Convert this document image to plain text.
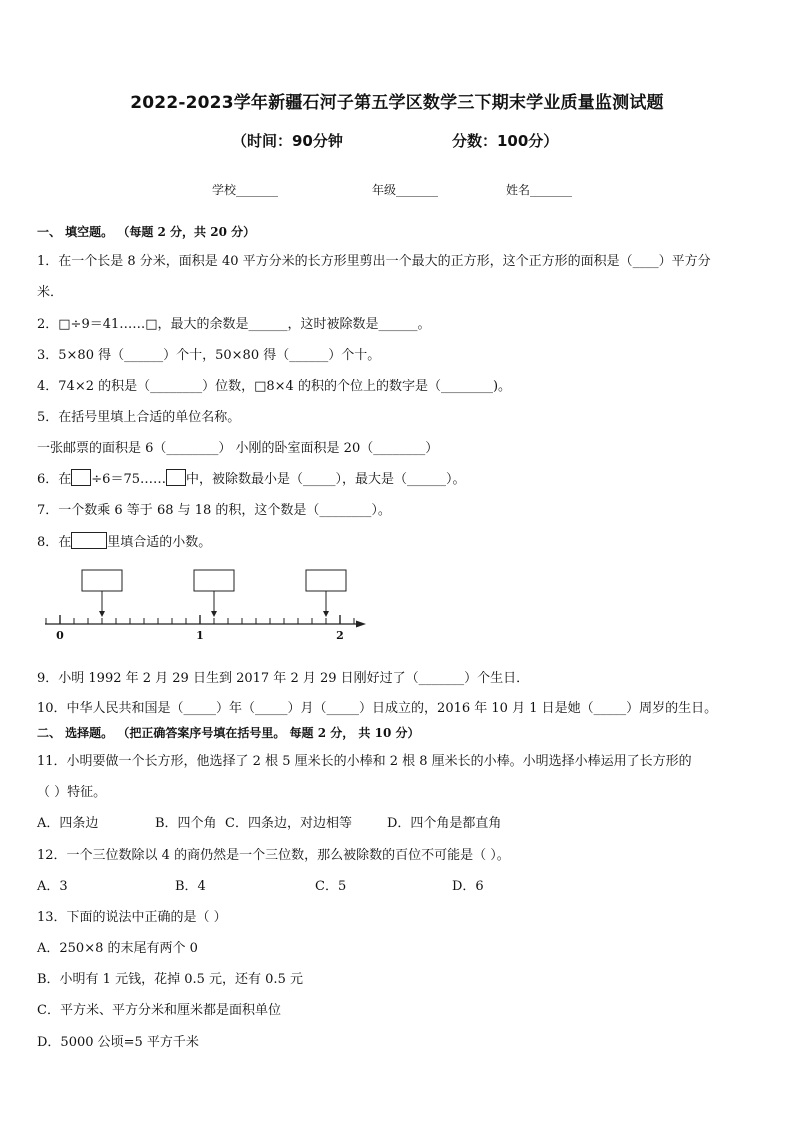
2022-2023学年新疆石河子第五学区数学三下期末学业质量监测试题
（时间：90分钟	分数：100分）
学校_______	年级_______	姓名_______
一、 填空题。 （每题 2 分，共 20 分）
1．在一个长是 8 分米，面积是 40 平方分米的长方形里剪出一个最大的正方形，这个正方形的面积是（____）平方分
米．
2．□÷9＝41……□，最大的余数是______，这时被除数是______。
3．5×80 得（______）个十，50×80 得（______）个十。
4．74×2 的积是（________）位数，□8×4 的积的个位上的数字是（________)。
5．在括号里填上合适的单位名称。
一张邮票的面积是 6（________） 小刚的卧室面积是 20（________）
6．在 ÷6＝75…… 中，被除数最小是（_____），最大是（______）。
7．一个数乘 6 等于 68 与 18 的积，这个数是（________）。
8．在	里填合适的小数。
0	1	2
9．小明 1992 年 2 月 29 日生到 2017 年 2 月 29 日刚好过了（_______）个生日．
10．中华人民共和国是（_____）年（_____）月（_____）日成立的，2016 年 10 月 1 日是她（_____）周岁的生日。
二、 选择题。 （把正确答案序号填在括号里。 每题 2 分， 共 10 分）
11．小明要做一个长方形，他选择了 2 根 5 厘米长的小棒和 2 根 8 厘米长的小棒。小明选择小棒运用了长方形的
（ ）特征。
A．四条边	B．四个角 C．四条边，对边相等	D．四个角是都直角
12．一个三位数除以 4 的商仍然是一个三位数，那么被除数的百位不可能是（ ）。
A．3	B．4	C．5	D．6
13．下面的说法中正确的是（ ）
A．250×8 的末尾有两个 0
B．小明有 1 元钱，花掉 0.5 元，还有 0.5 元
C．平方米、平方分米和厘米都是面积单位
D．5000 公顷=5 平方千米
